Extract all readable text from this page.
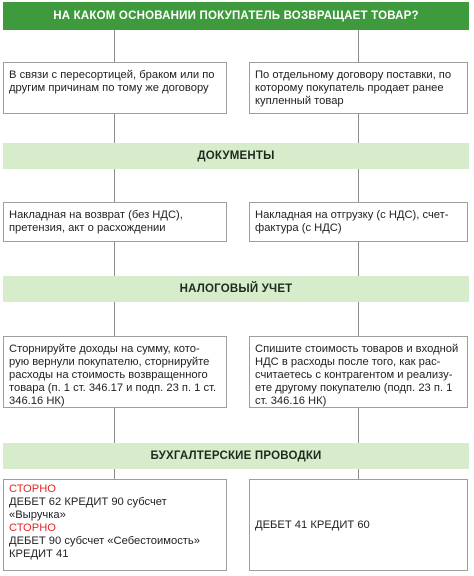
НА КАКОМ ОСНОВАНИИ ПОКУПАТЕЛЬ ВОЗВРАЩАЕТ ТОВАР?
В связи с пересортицей, браком или по другим причинам по тому же договору
По отдельному договору поставки, по которому покупатель продает ранее купленный товар
ДОКУМЕНТЫ
Накладная на возврат (без НДС), претензия, акт о расхождении
Накладная на отгрузку (с НДС), счет-фактура (с НДС)
НАЛОГОВЫЙ УЧЕТ
Сторнируйте доходы на сумму, кото- рую вернули покупателю, сторнируйте расходы на стоимость возвращенного товара (п. 1 ст. 346.17 и подп. 23 п. 1 ст. 346.16 НК)
Спишите стоимость товаров и входной НДС в расходы после того, как рас- считаетесь с контрагентом и реализу- ете другому покупателю (подп. 23 п. 1 ст. 346.16 НК)
БУХГАЛТЕРСКИЕ ПРОВОДКИ
СТОРНО
ДЕБЕТ 62 КРЕДИТ 90 субсчет «Выручка»
СТОРНО
ДЕБЕТ 90 субсчет «Себестоимость»
КРЕДИТ 41
ДЕБЕТ 41 КРЕДИТ 60
